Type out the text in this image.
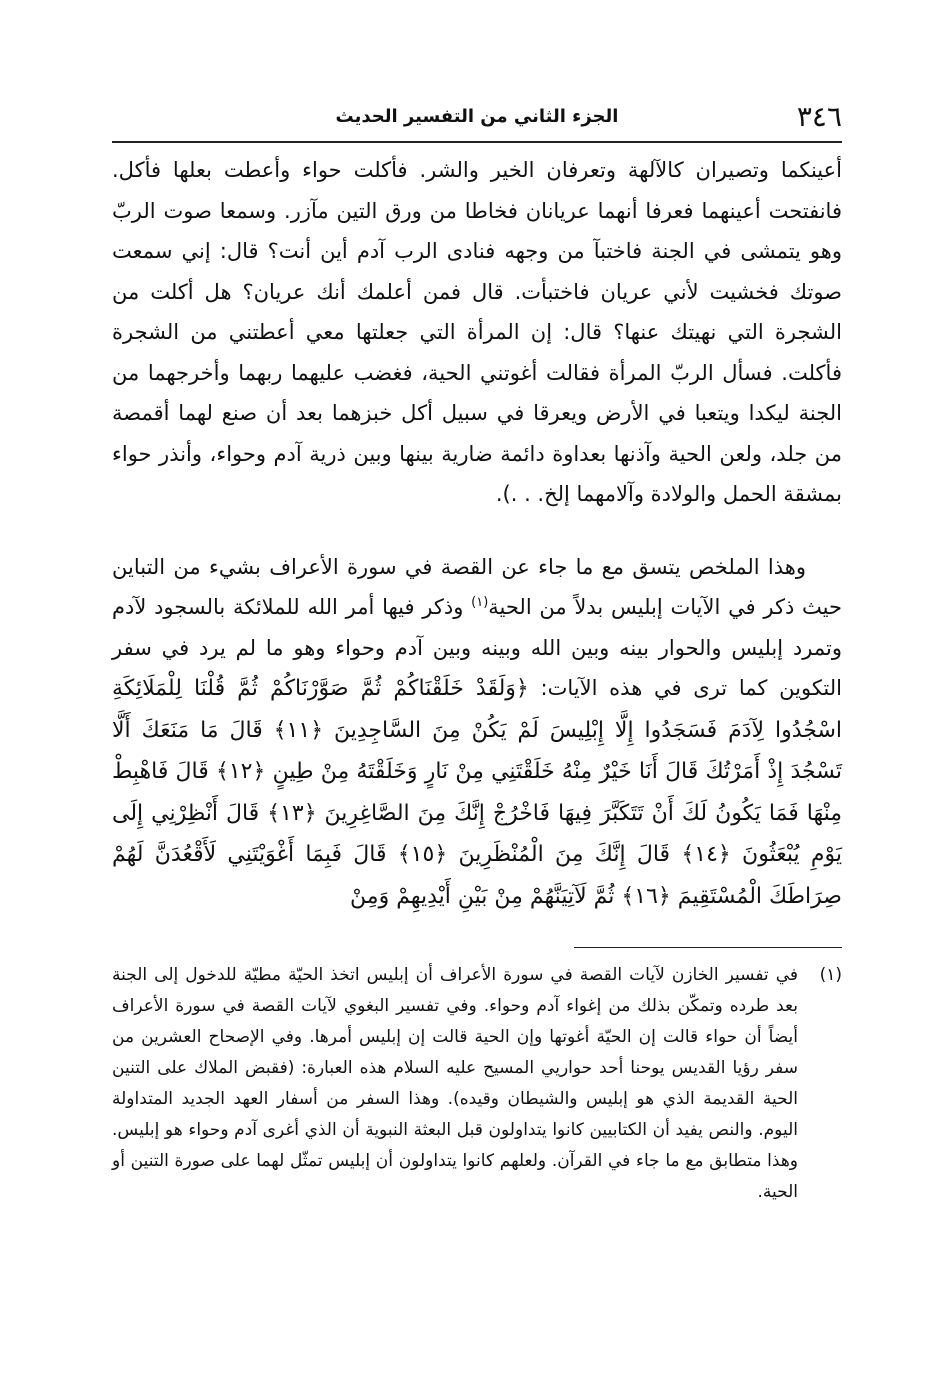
٣٤٦
الجزء الثاني من التفسير الحديث

أعينكما وتصيران كالآلهة وتعرفان الخير والشر. فأكلت حواء وأعطت بعلها فأكل. فانفتحت أعينهما فعرفا أنهما عريانان فخاطا من ورق التين مآزر. وسمعا صوت الربّ وهو يتمشى في الجنة فاختبآ من وجهه فنادى الرب آدم أين أنت؟ قال: إني سمعت صوتك فخشيت لأني عريان فاختبأت. قال فمن أعلمك أنك عريان؟ هل أكلت من الشجرة التي نهيتك عنها؟ قال: إن المرأة التي جعلتها معي أعطتني من الشجرة فأكلت. فسأل الربّ المرأة فقالت أغوتني الحية، فغضب عليهما ربهما وأخرجهما من الجنة ليكدا ويتعبا في الأرض ويعرقا في سبيل أكل خبزهما بعد أن صنع لهما أقمصة من جلد، ولعن الحية وآذنها بعداوة دائمة ضارية بينها وبين ذرية آدم وحواء، وأنذر حواء بمشقة الحمل والولادة وآلامهما إلخ. . .).

وهذا الملخص يتسق مع ما جاء عن القصة في سورة الأعراف بشيء من التباين حيث ذكر في الآيات إبليس بدلاً من الحية$^{(١)}$ وذكر فيها أمر الله للملائكة بالسجود لآدم وتمرد إبليس والحوار بينه وبين الله وبينه وبين آدم وحواء وهو ما لم يرد في سفر التكوين كما ترى في هذه الآيات: ﴿وَلَقَدْ خَلَقْنَاكُمْ ثُمَّ صَوَّرْنَاكُمْ ثُمَّ قُلْنَا لِلْمَلَائِكَةِ اسْجُدُوا لِآدَمَ فَسَجَدُوا إِلَّا إِبْلِيسَ لَمْ يَكُنْ مِنَ السَّاجِدِينَ ﴿١١﴾ قَالَ مَا مَنَعَكَ أَلَّا تَسْجُدَ إِذْ أَمَرْتُكَ قَالَ أَنَا خَيْرٌ مِنْهُ خَلَقْتَنِي مِنْ نَارٍ وَخَلَقْتَهُ مِنْ طِينٍ ﴿١٢﴾ قَالَ فَاهْبِطْ مِنْهَا فَمَا يَكُونُ لَكَ أَنْ تَتَكَبَّرَ فِيهَا فَاخْرُجْ إِنَّكَ مِنَ الصَّاغِرِينَ ﴿١٣﴾ قَالَ أَنْظِرْنِي إِلَى يَوْمِ يُبْعَثُونَ ﴿١٤﴾ قَالَ إِنَّكَ مِنَ الْمُنْظَرِينَ ﴿١٥﴾ قَالَ فَبِمَا أَغْوَيْتَنِي لَأَقْعُدَنَّ لَهُمْ صِرَاطَكَ الْمُسْتَقِيمَ ﴿١٦﴾ ثُمَّ لَآتِيَنَّهُمْ مِنْ بَيْنِ أَيْدِيهِمْ وَمِنْ

(١)

في تفسير الخازن لآيات القصة في سورة الأعراف أن إبليس اتخذ الحيّة مطيّة للدخول إلى الجنة بعد طرده وتمكّن بذلك من إغواء آدم وحواء. وفي تفسير البغوي لآيات القصة في سورة الأعراف أيضاً أن حواء قالت إن الحيّة أغوتها وإن الحية قالت إن إبليس أمرها. وفي الإصحاح العشرين من سفر رؤيا القديس يوحنا أحد حواريي المسيح عليه السلام هذه العبارة: (فقبض الملاك على التنين الحية القديمة الذي هو إبليس والشيطان وقيده). وهذا السفر من أسفار العهد الجديد المتداولة اليوم. والنص يفيد أن الكتابيين كانوا يتداولون قبل البعثة النبوية أن الذي أغرى آدم وحواء هو إبليس. وهذا متطابق مع ما جاء في القرآن. ولعلهم كانوا يتداولون أن إبليس تمثّل لهما على صورة التنين أو الحية.
